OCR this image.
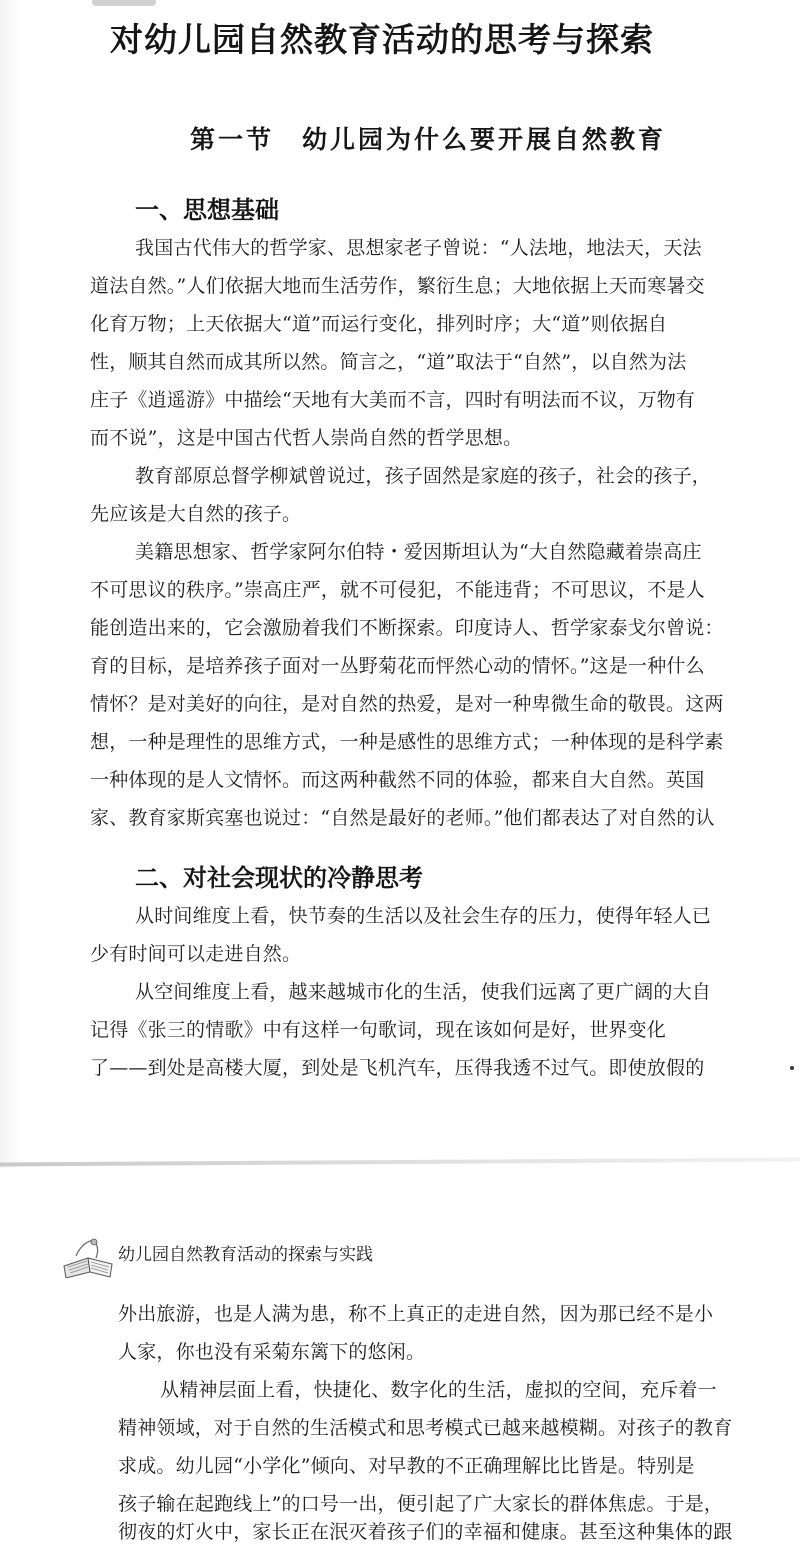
对幼儿园自然教育活动的思考与探索
第一节　幼儿园为什么要开展自然教育
一、思想基础
我国古代伟大的哲学家、思想家老子曾说：“人法地，地法天，天法
道法自然。”人们依据大地而生活劳作，繁衍生息；大地依据上天而寒暑交
化育万物；上天依据大“道”而运行变化，排列时序；大“道”则依据自
性，顺其自然而成其所以然。简言之，“道”取法于“自然”，以自然为法
庄子《逍遥游》中描绘“天地有大美而不言，四时有明法而不议，万物有
而不说”，这是中国古代哲人崇尚自然的哲学思想。
教育部原总督学柳斌曾说过，孩子固然是家庭的孩子，社会的孩子，
先应该是大自然的孩子。
美籍思想家、哲学家阿尔伯特・爱因斯坦认为“大自然隐藏着崇高庄
不可思议的秩序。”崇高庄严，就不可侵犯，不能违背；不可思议，不是人
能创造出来的，它会激励着我们不断探索。印度诗人、哲学家泰戈尔曾说：
育的目标，是培养孩子面对一丛野菊花而怦然心动的情怀。”这是一种什么
情怀？是对美好的向往，是对自然的热爱，是对一种卑微生命的敬畏。这两
想，一种是理性的思维方式，一种是感性的思维方式；一种体现的是科学素
一种体现的是人文情怀。而这两种截然不同的体验，都来自大自然。英国
家、教育家斯宾塞也说过：“自然是最好的老师。”他们都表达了对自然的认
二、对社会现状的冷静思考
从时间维度上看，快节奏的生活以及社会生存的压力，使得年轻人已
少有时间可以走进自然。
从空间维度上看，越来越城市化的生活，使我们远离了更广阔的大自
记得《张三的情歌》中有这样一句歌词，现在该如何是好，世界变化
了——到处是高楼大厦，到处是飞机汽车，压得我透不过气。即使放假的
幼儿园自然教育活动的探索与实践
外出旅游，也是人满为患，称不上真正的走进自然，因为那已经不是小
人家，你也没有采菊东篱下的悠闲。
从精神层面上看，快捷化、数字化的生活，虚拟的空间，充斥着一
精神领域，对于自然的生活模式和思考模式已越来越模糊。对孩子的教育
求成。幼儿园“小学化”倾向、对早教的不正确理解比比皆是。特别是
孩子输在起跑线上”的口号一出，便引起了广大家长的群体焦虑。于是，
彻夜的灯火中，家长正在泯灭着孩子们的幸福和健康。甚至这种集体的跟
